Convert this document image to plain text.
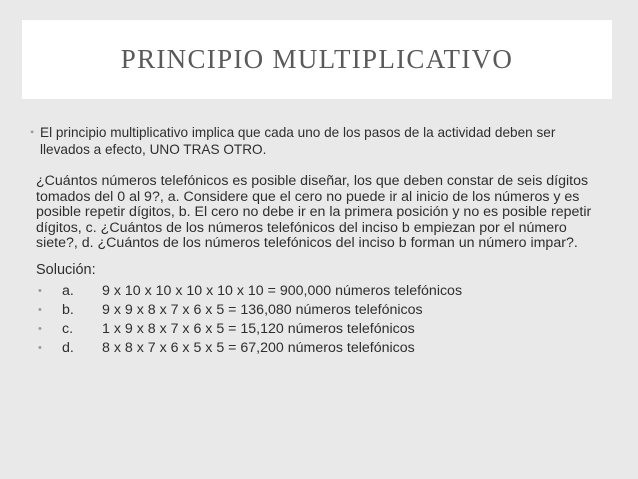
PRINCIPIO MULTIPLICATIVO
• El principio multiplicativo implica que cada uno de los pasos de la actividad deben ser llevados a efecto, UNO TRAS OTRO.

¿Cuántos números telefónicos es posible diseñar, los que deben constar de seis dígitos tomados del 0 al 9?, a. Considere que el cero no puede ir al inicio de los números y es posible repetir dígitos, b. El cero no debe ir en la primera posición y no es posible repetir dígitos, c. ¿Cuántos de los números telefónicos del inciso b empiezan por el número siete?, d. ¿Cuántos de los números telefónicos del inciso b forman un número impar?.

Solución:
• a. 9 x 10 x 10 x 10 x 10 x 10 = 900,000 números telefónicos
• b. 9 x 9 x 8 x 7 x 6 x 5 = 136,080 números telefónicos
• c. 1 x 9 x 8 x 7 x 6 x 5 = 15,120 números telefónicos
• d. 8 x 8 x 7 x 6 x 5 x 5 = 67,200 números telefónicos
